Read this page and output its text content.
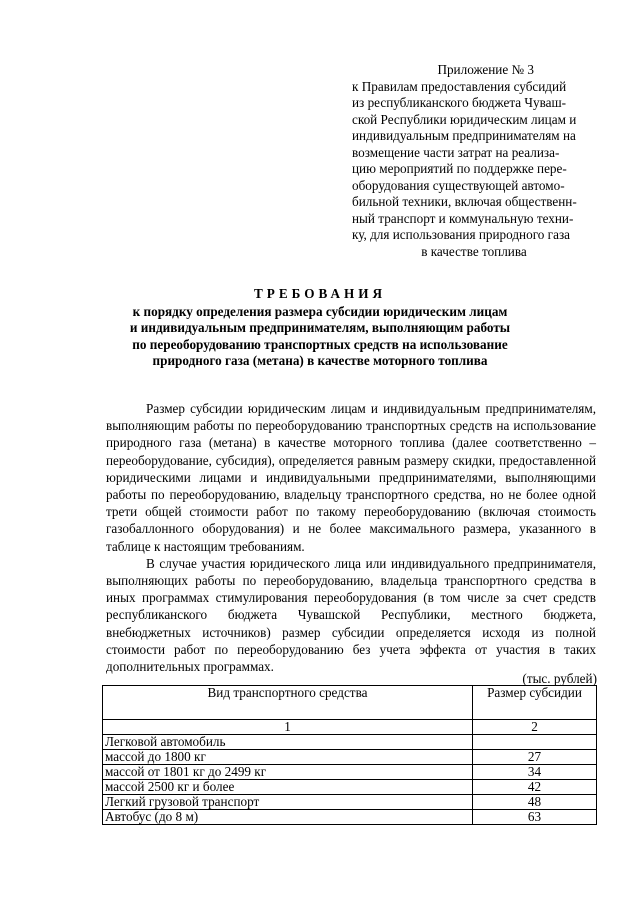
Приложение № 3
к Правилам предоставления субсидий
из республиканского бюджета Чуваш-
ской Республики юридическим лицам и
индивидуальным предпринимателям на
возмещение части затрат на реализа-
цию мероприятий по поддержке пере-
оборудования существующей автомо-
бильной техники, включая общественн-
ный транспорт и коммунальную техни-
ку, для использования природного газа
в качестве топлива
ТРЕБОВАНИЯ
к порядку определения размера субсидии юридическим лицам
и индивидуальным предпринимателям, выполняющим работы
по переоборудованию транспортных средств на использование
природного газа (метана) в качестве моторного топлива

Размер субсидии юридическим лицам и индивидуальным предпринимателям, выполняющим работы по переоборудованию транспортных средств на использование природного газа (метана) в качестве моторного топлива (далее соответственно – переоборудование, субсидия), определяется равным размеру скидки, предоставленной юридическими лицами и индивидуальными предпринимателями, выполняющими работы по переоборудованию, владельцу транспортного средства, но не более одной трети общей стоимости работ по такому переоборудованию (включая стоимость газобаллонного оборудования) и не более максимального размера, указанного в таблице к настоящим требованиям.

В случае участия юридического лица или индивидуального предпринимателя, выполняющих работы по переоборудованию, владельца транспортного средства в иных программах стимулирования переоборудования (в том числе за счет средств республиканского бюджета Чувашской Республики, местного бюджета, внебюджетных источников) размер субсидии определяется исходя из полной стоимости работ по переоборудованию без учета эффекта от участия в таких дополнительных программах.

(тыс. рублей)
Вид транспортного средства	Размер субсидии
1	2
Легковой автомобиль	
массой до 1800 кг	27
массой от 1801 кг до 2499 кг	34
массой 2500 кг и более	42
Легкий грузовой транспорт	48
Автобус (до 8 м)	63
